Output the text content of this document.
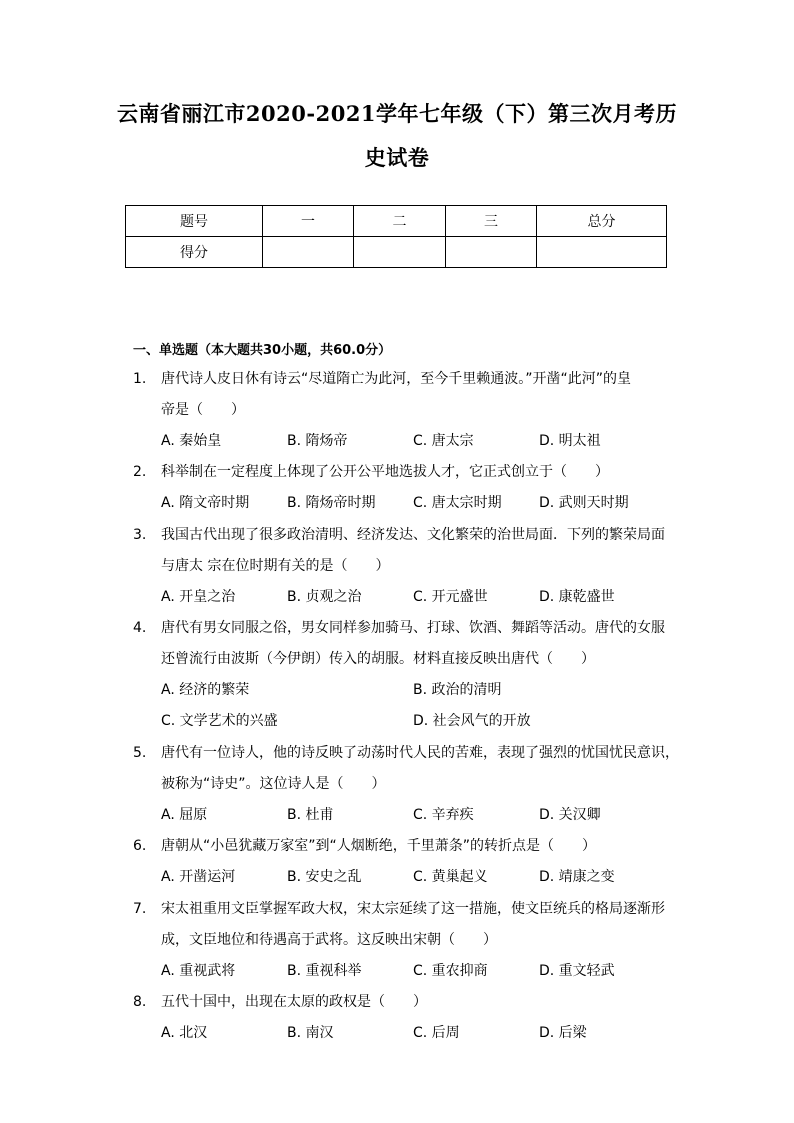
云南省丽江市2020-2021学年七年级（下）第三次月考历
史试卷
题号	一	二	三	总分
得分				
一、单选题（本大题共30小题，共60.0分）
1.	唐代诗人皮日休有诗云“尽道隋亡为此河，至今千里赖通波。”开凿“此河”的皇
帝是（　　）
A. 秦始皇	B. 隋炀帝	C. 唐太宗	D. 明太祖
2.	科举制在一定程度上体现了公开公平地选拔人才，它正式创立于（　　）
A. 隋文帝时期	B. 隋炀帝时期	C. 唐太宗时期	D. 武则天时期
3.	我国古代出现了很多政治清明、经济发达、文化繁荣的治世局面．下列的繁荣局面
与唐太 宗在位时期有关的是（　　）
A. 开皇之治	B. 贞观之治	C. 开元盛世	D. 康乾盛世
4.	唐代有男女同服之俗，男女同样参加骑马、打球、饮酒、舞蹈等活动。唐代的女服
还曾流行由波斯（今伊朗）传入的胡服。材料直接反映出唐代（　　）
A. 经济的繁荣	B. 政治的清明
C. 文学艺术的兴盛	D. 社会风气的开放
5.	唐代有一位诗人，他的诗反映了动荡时代人民的苦难，表现了强烈的忧国忧民意识，
被称为“诗史”。这位诗人是（　　）
A. 屈原	B. 杜甫	C. 辛弃疾	D. 关汉卿
6.	唐朝从“小邑犹藏万家室”到“人烟断绝，千里萧条”的转折点是（　　）
A. 开凿运河	B. 安史之乱	C. 黄巢起义	D. 靖康之变
7.	宋太祖重用文臣掌握军政大权，宋太宗延续了这一措施，使文臣统兵的格局逐渐形
成，文臣地位和待遇高于武将。这反映出宋朝（　　）
A. 重视武将	B. 重视科举	C. 重农抑商	D. 重文轻武
8.	五代十国中，出现在太原的政权是（　　）
A. 北汉	B. 南汉	C. 后周	D. 后梁
